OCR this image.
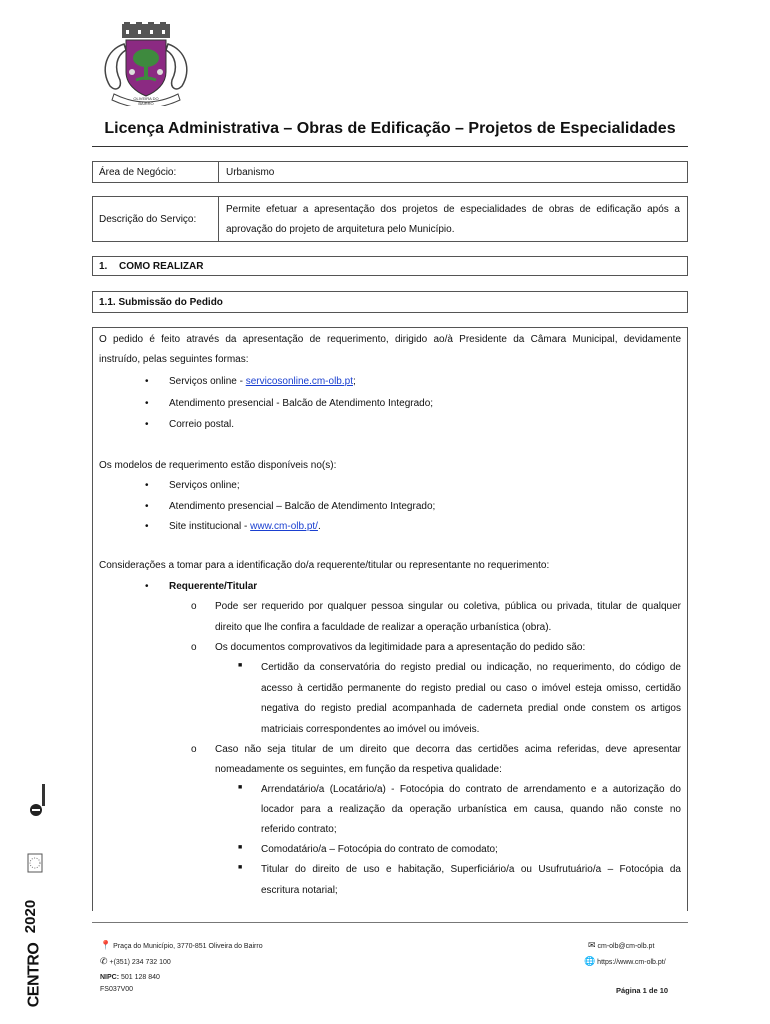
OLIVEIRA DO BAIRRO
Licença Administrativa – Obras de Edificação – Projetos de Especialidades
Área de Negócio:	Urbanismo
Descrição do Serviço:
Permite efetuar a apresentação dos projetos de especialidades de obras de edificação após a
aprovação do projeto de arquitetura pelo Município.
1. COMO REALIZAR
1.1. Submissão do Pedido
O pedido é feito através da apresentação de requerimento, dirigido ao/à Presidente da Câmara Municipal, devidamente
instruído, pelas seguintes formas:
• Serviços online - servicosonline.cm-olb.pt;
• Atendimento presencial - Balcão de Atendimento Integrado;
• Correio postal.
Os modelos de requerimento estão disponíveis no(s):
• Serviços online;
• Atendimento presencial – Balcão de Atendimento Integrado;
• Site institucional - www.cm-olb.pt/.
Considerações a tomar para a identificação do/a requerente/titular ou representante no requerimento:
• Requerente/Titular
o Pode ser requerido por qualquer pessoa singular ou coletiva, pública ou privada, titular de qualquer
direito que lhe confira a faculdade de realizar a operação urbanística (obra).
o Os documentos comprovativos da legitimidade para a apresentação do pedido são:
■ Certidão da conservatória do registo predial ou indicação, no requerimento, do código de
acesso à certidão permanente do registo predial ou caso o imóvel esteja omisso, certidão
negativa do registo predial acompanhada de caderneta predial onde constem os artigos
matriciais correspondentes ao imóvel ou imóveis.
o Caso não seja titular de um direito que decorra das certidões acima referidas, deve apresentar
nomeadamente os seguintes, em função da respetiva qualidade:
■ Arrendatário/a (Locatário/a) - Fotocópia do contrato de arrendamento e a autorização do
locador para a realização da operação urbanística em causa, quando não conste no
referido contrato;
■ Comodatário/a – Fotocópia do contrato de comodato;
■ Titular do direito de uso e habitação, Superficiário/a ou Usufrutuário/a – Fotocópia da
escritura notarial;
📍 Praça do Município, 3770-851 Oliveira do Bairro
✆ +(351) 234 732 100
NIPC: 501 128 840
FS037V00
✉ cm-olb@cm-olb.pt
🌐 https://www.cm-olb.pt/
Página 1 de 10
2020
CENTRO
